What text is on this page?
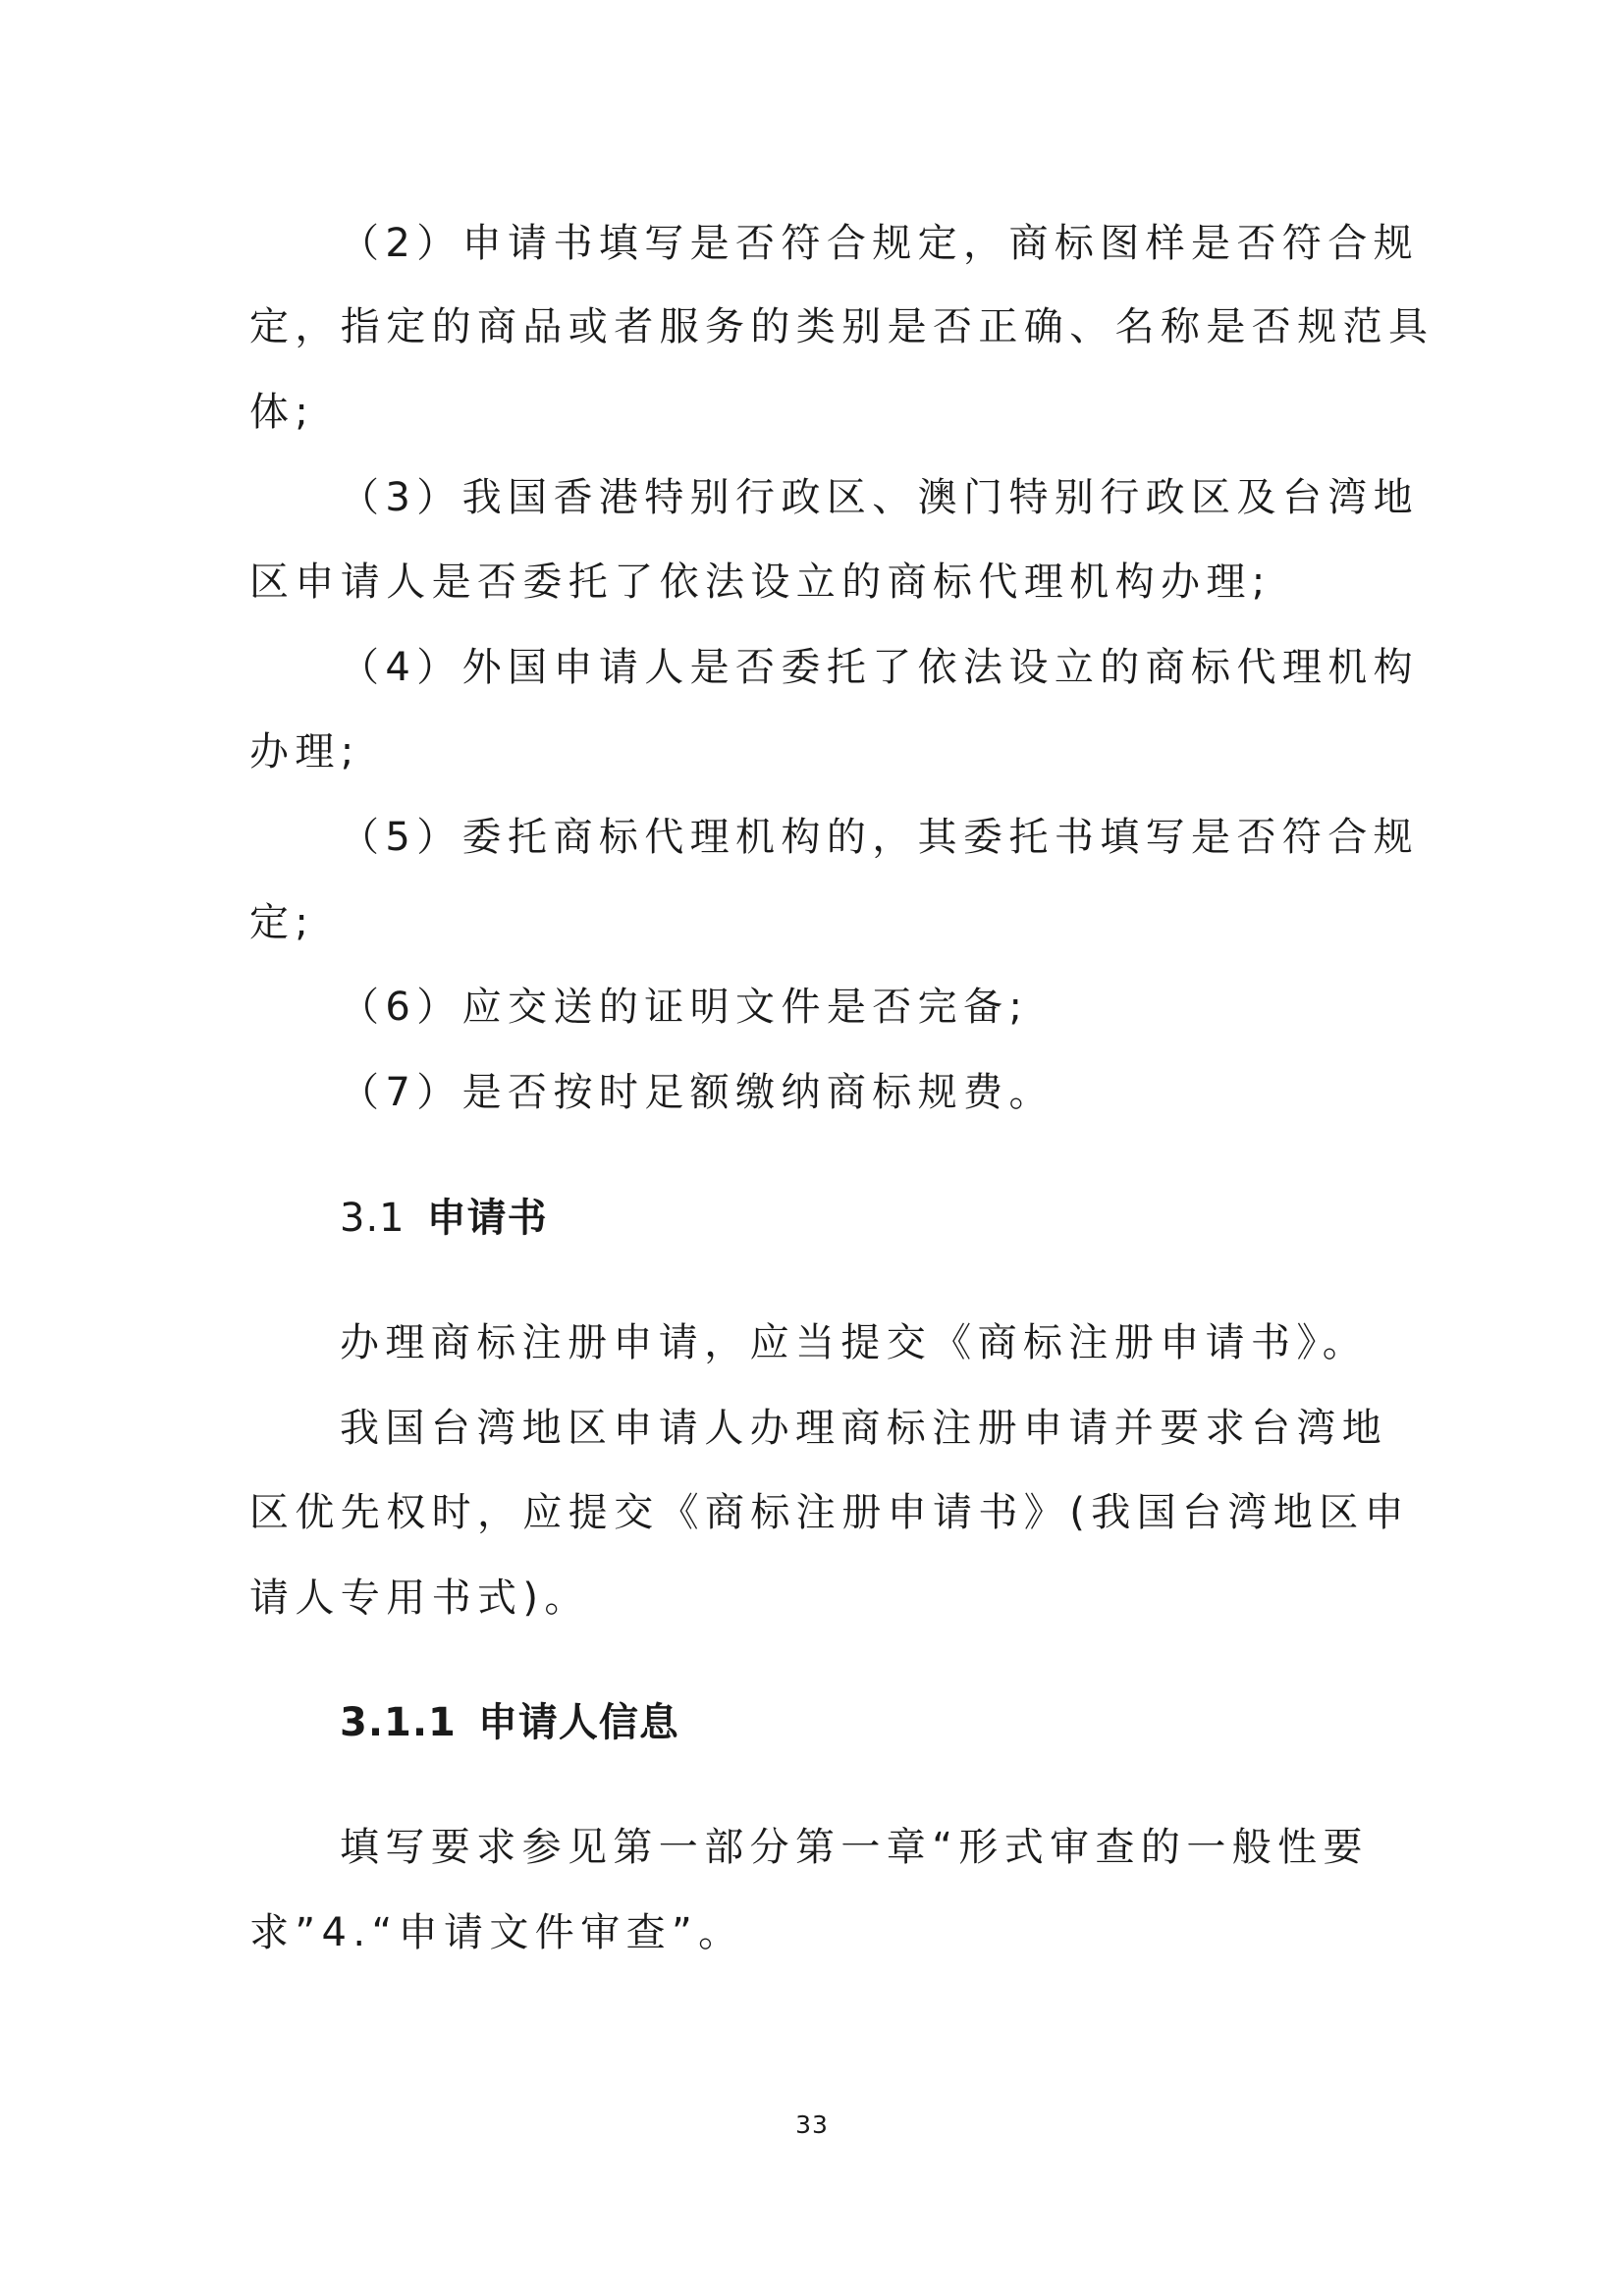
（2）申请书填写是否符合规定，商标图样是否符合规
定，指定的商品或者服务的类别是否正确、名称是否规范具
体;
（3）我国香港特别行政区、澳门特别行政区及台湾地
区申请人是否委托了依法设立的商标代理机构办理;
（4）外国申请人是否委托了依法设立的商标代理机构
办理;
（5）委托商标代理机构的，其委托书填写是否符合规
定;
（6）应交送的证明文件是否完备;
（7）是否按时足额缴纳商标规费。
3.1 申请书
办理商标注册申请，应当提交《商标注册申请书》。
我国台湾地区申请人办理商标注册申请并要求台湾地
区优先权时，应提交《商标注册申请书》(我国台湾地区申
请人专用书式)。
3.1.1 申请人信息
填写要求参见第一部分第一章“形式审查的一般性要
求”4.“申请文件审查”。
33
